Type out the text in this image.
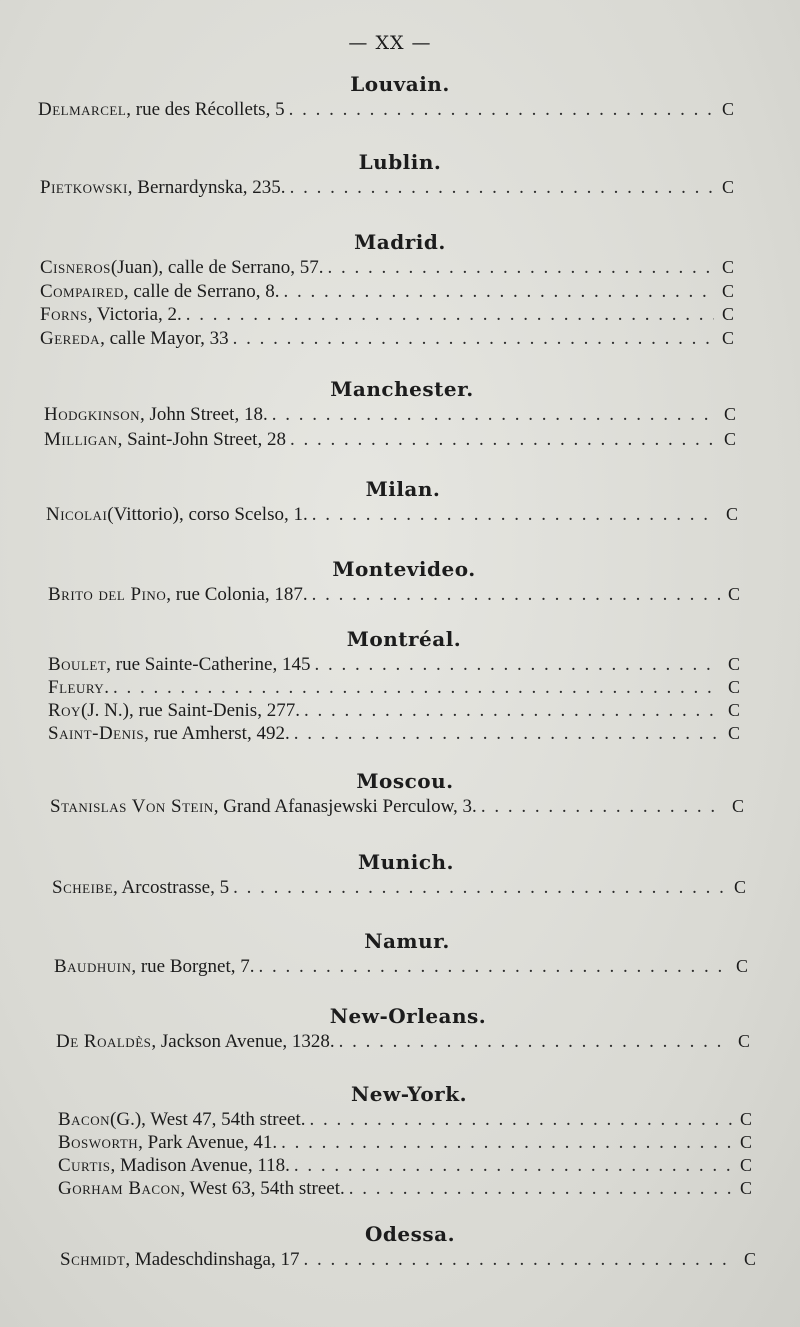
— XX —
Louvain.
Delmarcel , rue des Récollets, 5 . . .	C
Lublin.
Pietkowski , Bernardynska, 235. . . .	C
Madrid.
Cisneros (Juan), calle de Serrano, 57. . . .	C
Compaired , calle de Serrano, 8. . . .	C
Forns , Victoria, 2. . . .	C
Gereda , calle Mayor, 33 . . .	C
Manchester.
Hodgkinson , John Street, 18. . . .	C
Milligan , Saint-John Street, 28 . . .	C
Milan.
Nicolai (Vittorio), corso Scelso, 1. . . .	C
Montevideo.
Brito del Pino , rue Colonia, 187. . . .	C
Montréal.
Boulet , rue Sainte-Catherine, 145 . . .	C
Fleury . . . .	C
Roy (J. N.), rue Saint-Denis, 277. . . .	C
Saint-Denis , rue Amherst, 492. . . .	C
Moscou.
Stanislas Von Stein , Grand Afanasjewski Perculow, 3. . . .	C
Munich.
Scheibe , Arcostrasse, 5 . . .	C
Namur.
Baudhuin , rue Borgnet, 7. . . .	C
New-Orleans.
De Roaldès , Jackson Avenue, 1328. . . .	C
New-York.
Bacon (G.), West 47, 54th street. . . .	C
Bosworth , Park Avenue, 41. . . .	C
Curtis , Madison Avenue, 118. . . .	C
Gorham Bacon , West 63, 54th street. . . .	C
Odessa.
Schmidt , Madeschdinshaga, 17 . . .	C
